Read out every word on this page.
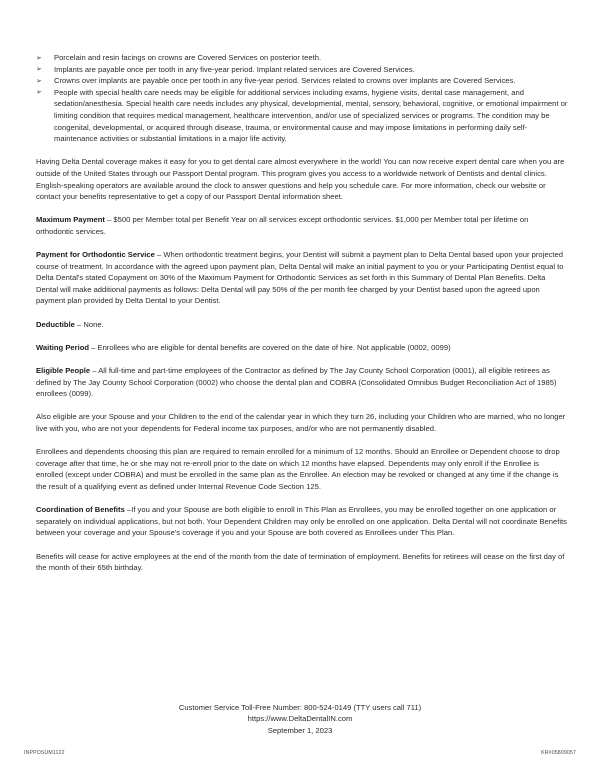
➢ Porcelain and resin facings on crowns are Covered Services on posterior teeth.
➢ Implants are payable once per tooth in any five-year period. Implant related services are Covered Services.
➢ Crowns over implants are payable once per tooth in any five-year period. Services related to crowns over implants are Covered Services.
➢ People with special health care needs may be eligible for additional services including exams, hygiene visits, dental case management, and sedation/anesthesia. Special health care needs includes any physical, developmental, mental, sensory, behavioral, cognitive, or emotional impairment or limiting condition that requires medical management, healthcare intervention, and/or use of specialized services or programs. The condition may be congenital, developmental, or acquired through disease, trauma, or environmental cause and may impose limitations in performing daily self-maintenance activities or substantial limitations in a major life activity.

Having Delta Dental coverage makes it easy for you to get dental care almost everywhere in the world! You can now receive expert dental care when you are outside of the United States through our Passport Dental program. This program gives you access to a worldwide network of Dentists and dental clinics. English-speaking operators are available around the clock to answer questions and help you schedule care. For more information, check our website or contact your benefits representative to get a copy of our Passport Dental information sheet.

Maximum Payment – $500 per Member total per Benefit Year on all services except orthodontic services. $1,000 per Member total per lifetime on orthodontic services.

Payment for Orthodontic Service – When orthodontic treatment begins, your Dentist will submit a payment plan to Delta Dental based upon your projected course of treatment. In accordance with the agreed upon payment plan, Delta Dental will make an initial payment to you or your Participating Dentist equal to Delta Dental's stated Copayment on 30% of the Maximum Payment for Orthodontic Services as set forth in this Summary of Dental Plan Benefits. Delta Dental will make additional payments as follows: Delta Dental will pay 50% of the per month fee charged by your Dentist based upon the agreed upon payment plan provided by Delta Dental to your Dentist.

Deductible – None.

Waiting Period – Enrollees who are eligible for dental benefits are covered on the date of hire. Not applicable (0002, 0099)

Eligible People – All full-time and part-time employees of the Contractor as defined by The Jay County School Corporation (0001), all eligible retirees as defined by The Jay County School Corporation (0002) who choose the dental plan and COBRA (Consolidated Omnibus Budget Reconciliation Act of 1985) enrollees (0099).

Also eligible are your Spouse and your Children to the end of the calendar year in which they turn 26, including your Children who are married, who no longer live with you, who are not your dependents for Federal income tax purposes, and/or who are not permanently disabled.

Enrollees and dependents choosing this plan are required to remain enrolled for a minimum of 12 months. Should an Enrollee or Dependent choose to drop coverage after that time, he or she may not re-enroll prior to the date on which 12 months have elapsed. Dependents may only enroll if the Enrollee is enrolled (except under COBRA) and must be enrolled in the same plan as the Enrollee. An election may be revoked or changed at any time if the change is the result of a qualifying event as defined under Internal Revenue Code Section 125.

Coordination of Benefits –If you and your Spouse are both eligible to enroll in This Plan as Enrollees, you may be enrolled together on one application or separately on individual applications, but not both. Your Dependent Children may only be enrolled on one application. Delta Dental will not coordinate Benefits between your coverage and your Spouse's coverage if you and your Spouse are both covered as Enrollees under This Plan.

Benefits will cease for active employees at the end of the month from the date of termination of employment. Benefits for retirees will cease on the first day of the month of their 65th birthday.

Customer Service Toll-Free Number: 800-524-0149 (TTY users call 711)
https://www.DeltaDentalIN.com
September 1, 2023
INPPOSUM1122	KR#05809057
